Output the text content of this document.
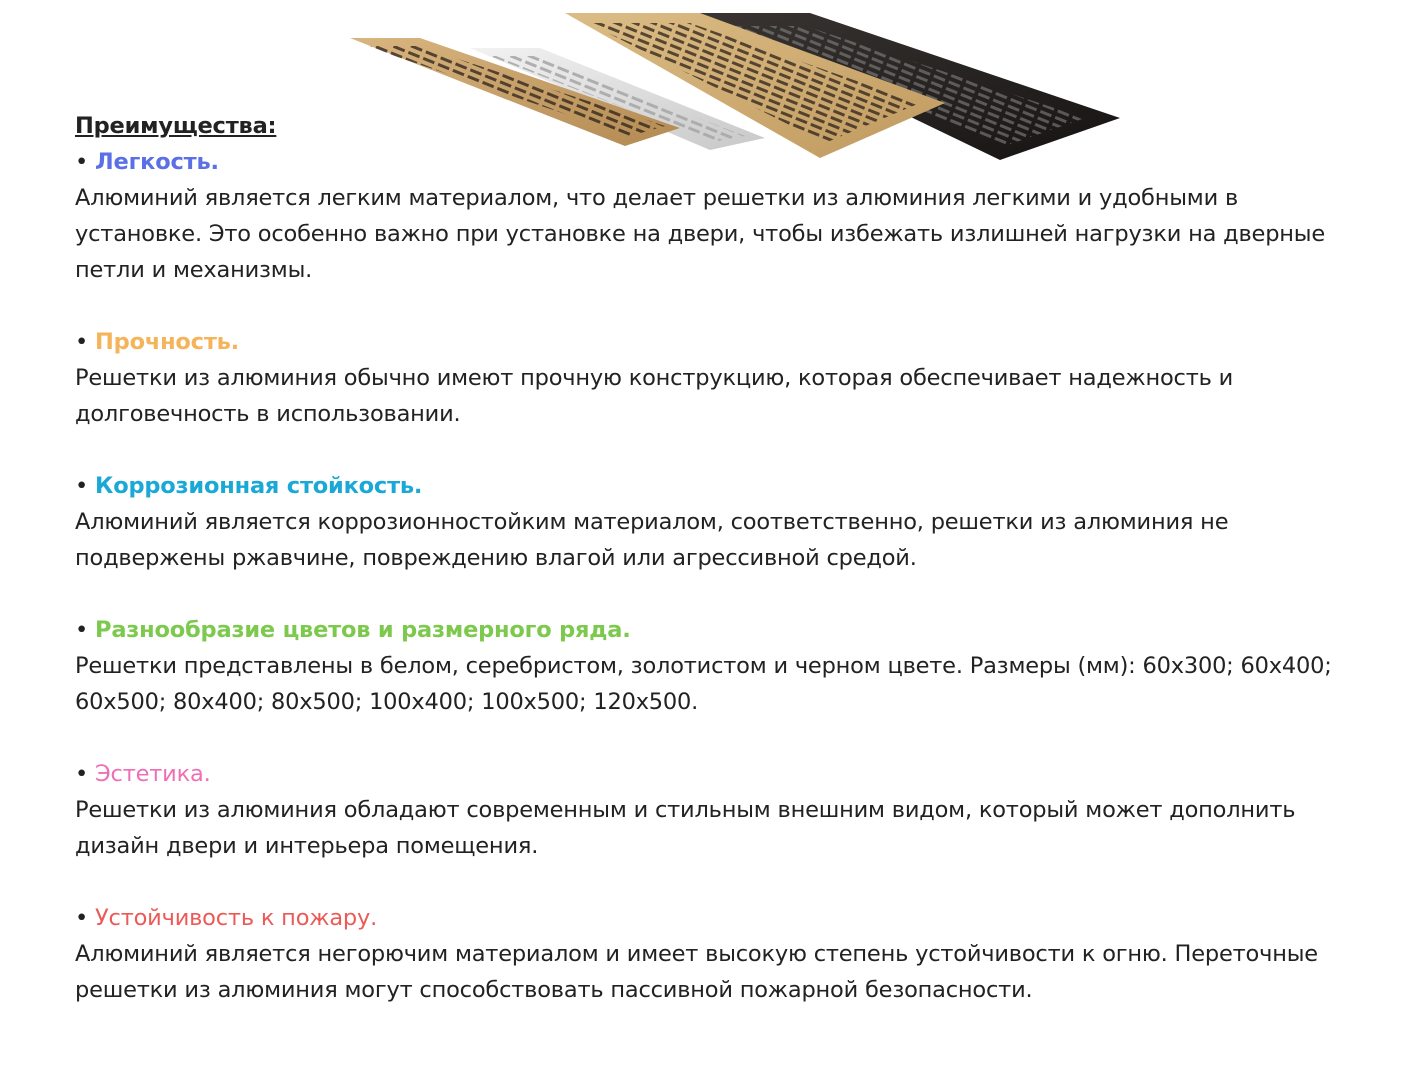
Преимущества:
• Легкость.

Алюминий является легким материалом, что делает решетки из алюминия легкими и удобными в установке. Это особенно важно при установке на двери, чтобы избежать излишней нагрузки на дверные петли и механизмы.

• Прочность.

Решетки из алюминия обычно имеют прочную конструкцию, которая обеспечивает надежность и долговечность в использовании.

• Коррозионная стойкость.

Алюминий является коррозионностойким материалом, соответственно, решетки из алюминия не подвержены ржавчине, повреждению влагой или агрессивной средой.

• Разнообразие цветов и размерного ряда.

Решетки представлены в белом, серебристом, золотистом и черном цвете. Размеры (мм): 60х300; 60х400; 60х500; 80х400; 80х500; 100х400; 100х500; 120х500.

• Эстетика.

Решетки из алюминия обладают современным и стильным внешним видом, который может дополнить дизайн двери и интерьера помещения.

• Устойчивость к пожару.

Алюминий является негорючим материалом и имеет высокую степень устойчивости к огню. Переточные решетки из алюминия могут способствовать пассивной пожарной безопасности.
